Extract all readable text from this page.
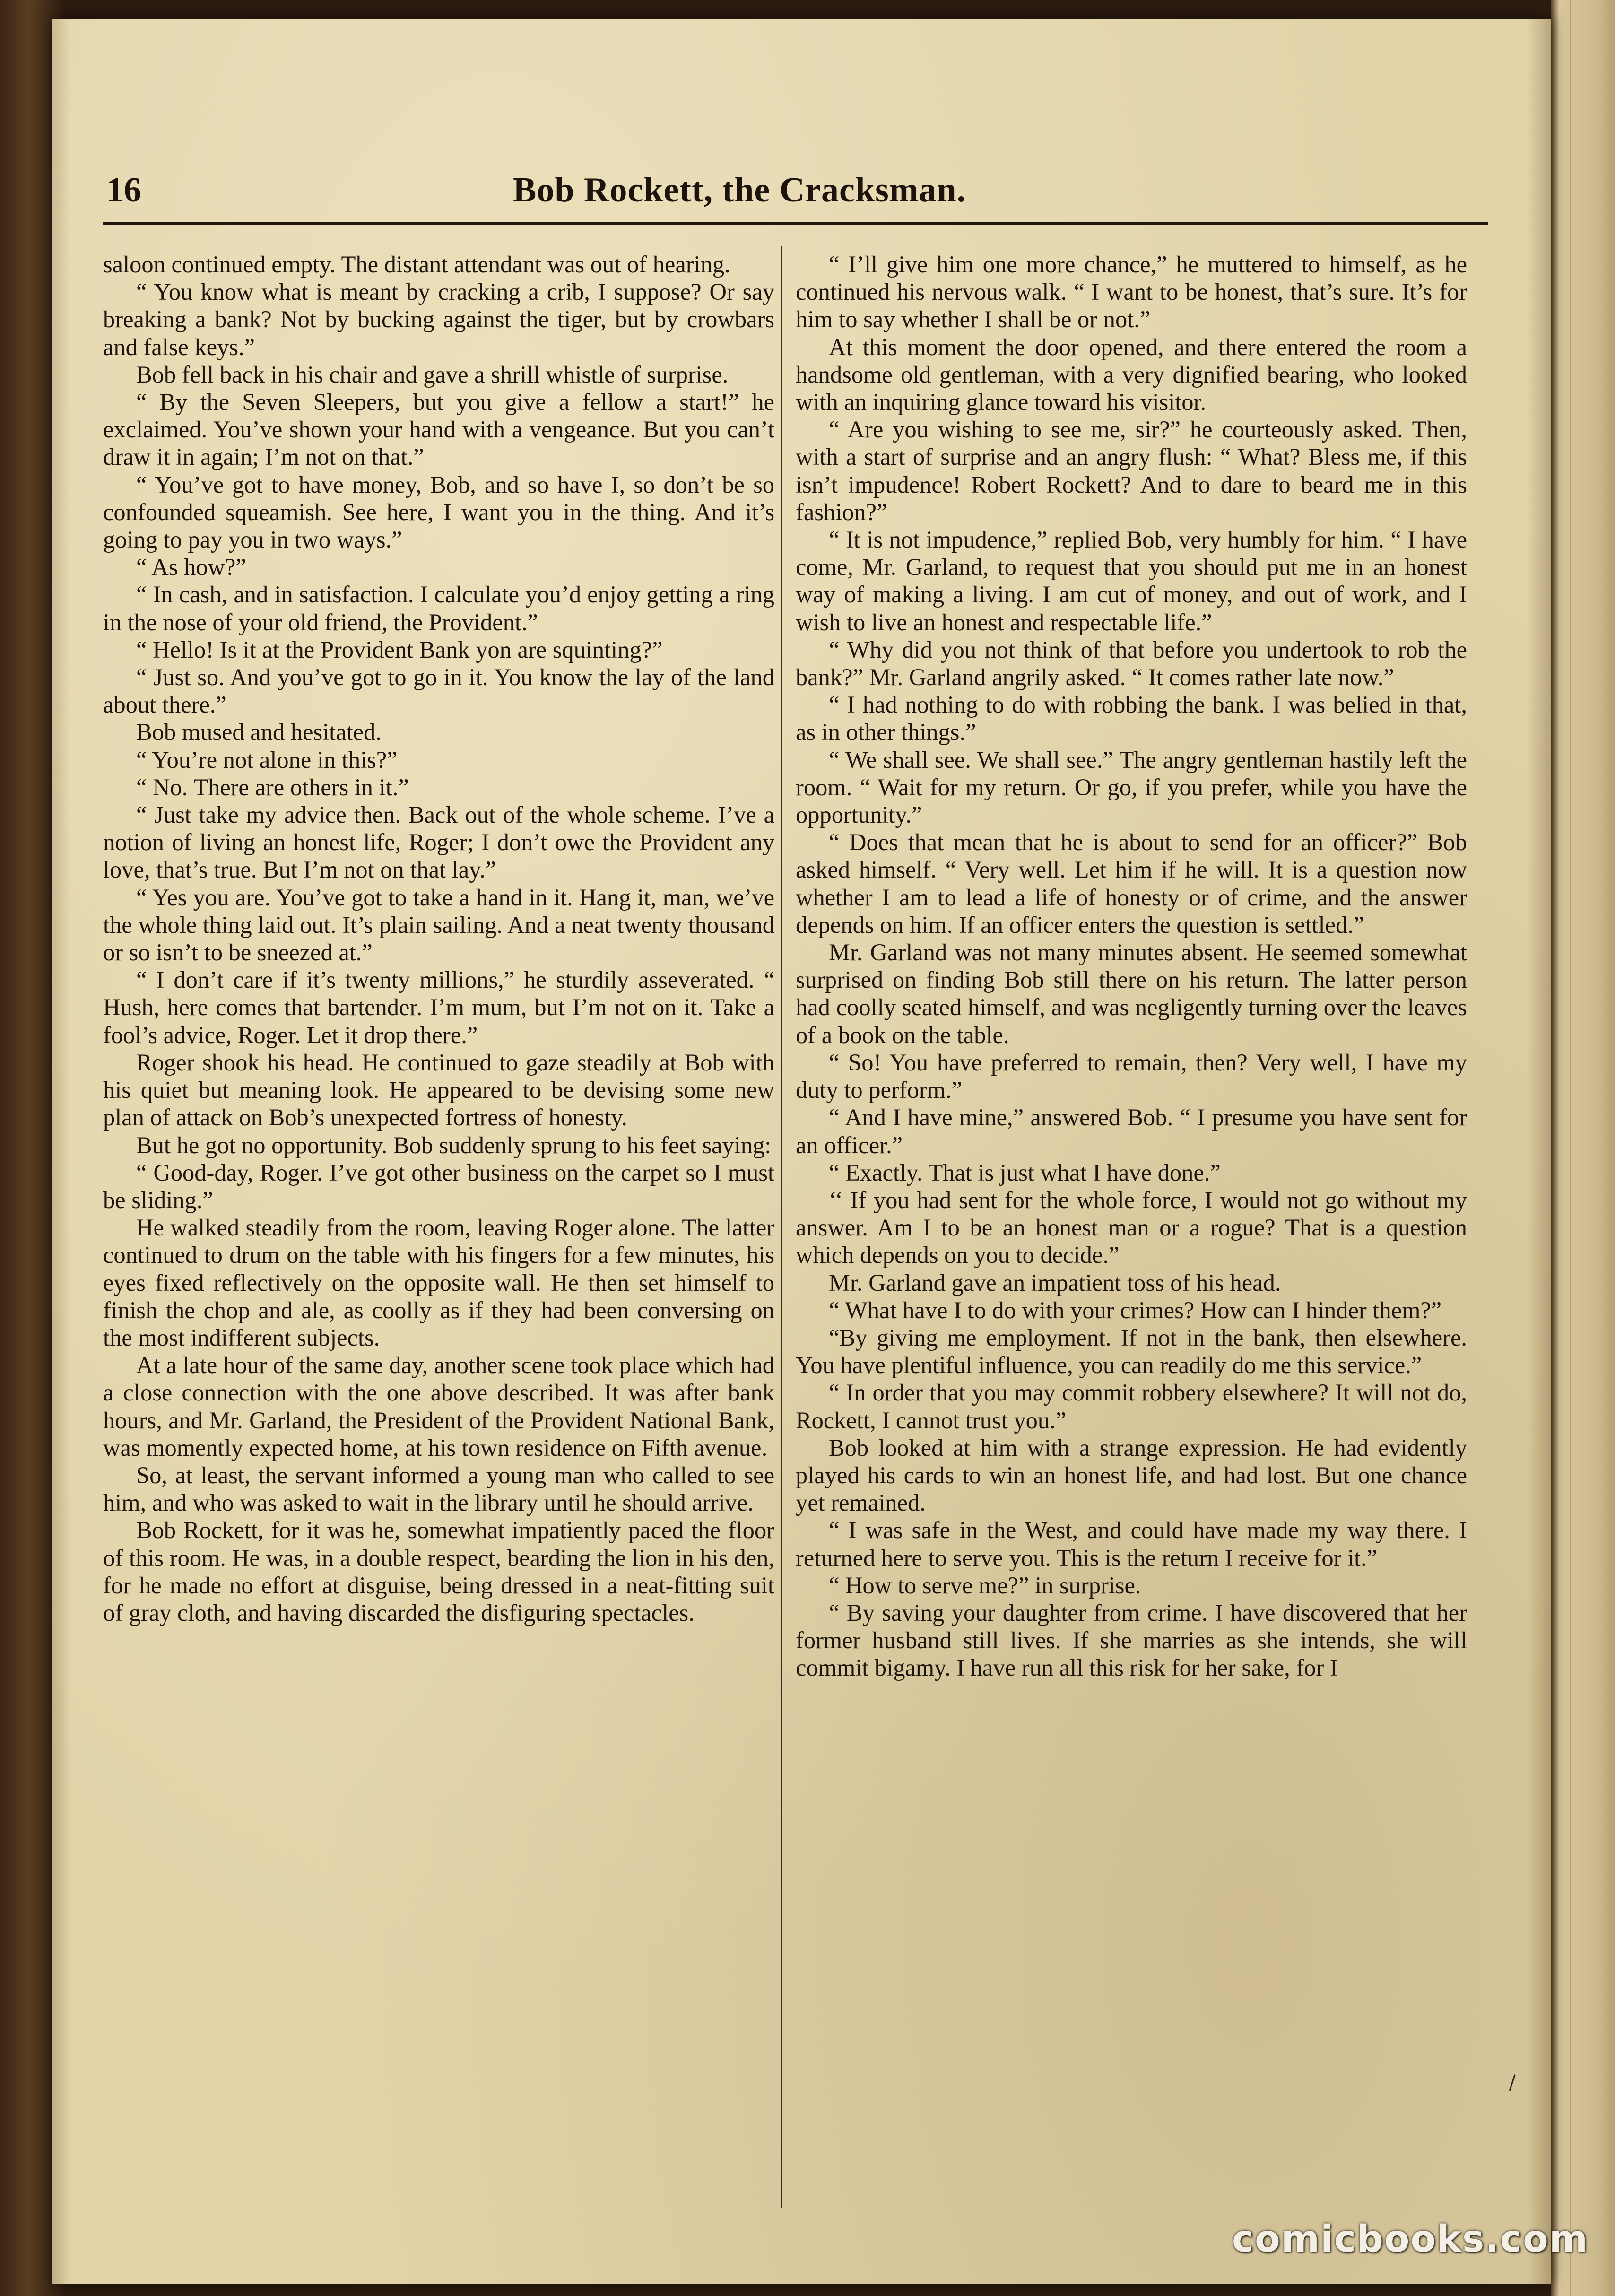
16	Bob Rockett, the Cracksman.

saloon continued empty. The distant attendant was out of hearing.

“ You know what is meant by cracking a crib, I suppose? Or say breaking a bank? Not by bucking against the tiger, but by crowbars and false keys.”

Bob fell back in his chair and gave a shrill whistle of surprise.

“ By the Seven Sleepers, but you give a fellow a start!” he exclaimed. You’ve shown your hand with a vengeance. But you can’t draw it in again; I’m not on that.”

“ You’ve got to have money, Bob, and so have I, so don’t be so confounded squeamish. See here, I want you in the thing. And it’s going to pay you in two ways.”

“ As how?”

“ In cash, and in satisfaction. I calculate you’d enjoy getting a ring in the nose of your old friend, the Provident.”

“ Hello! Is it at the Provident Bank yon are squinting?”

“ Just so. And you’ve got to go in it. You know the lay of the land about there.”

Bob mused and hesitated.

“ You’re not alone in this?”

“ No. There are others in it.”

“ Just take my advice then. Back out of the whole scheme. I’ve a notion of living an honest life, Roger; I don’t owe the Provident any love, that’s true. But I’m not on that lay.”

“ Yes you are. You’ve got to take a hand in it. Hang it, man, we’ve the whole thing laid out. It’s plain sailing. And a neat twenty thousand or so isn’t to be sneezed at.”

“ I don’t care if it’s twenty millions,” he sturdily asseverated. “ Hush, here comes that bartender. I’m mum, but I’m not on it. Take a fool’s advice, Roger. Let it drop there.”

Roger shook his head. He continued to gaze steadily at Bob with his quiet but meaning look. He appeared to be devising some new plan of attack on Bob’s unexpected fortress of honesty.

But he got no opportunity. Bob suddenly sprung to his feet saying:

“ Good-day, Roger. I’ve got other business on the carpet so I must be sliding.”

He walked steadily from the room, leaving Roger alone. The latter continued to drum on the table with his fingers for a few minutes, his eyes fixed reflectively on the opposite wall. He then set himself to finish the chop and ale, as coolly as if they had been conversing on the most indifferent subjects.

At a late hour of the same day, another scene took place which had a close connection with the one above described. It was after bank hours, and Mr. Garland, the President of the Provident National Bank, was momently expected home, at his town residence on Fifth avenue.

So, at least, the servant informed a young man who called to see him, and who was asked to wait in the library until he should arrive.

Bob Rockett, for it was he, somewhat impatiently paced the floor of this room. He was, in a double respect, bearding the lion in his den, for he made no effort at disguise, being dressed in a neat-fitting suit of gray cloth, and having discarded the disfiguring spectacles.

“ I’ll give him one more chance,” he muttered to himself, as he continued his nervous walk. “ I want to be honest, that’s sure. It’s for him to say whether I shall be or not.”

At this moment the door opened, and there entered the room a handsome old gentleman, with a very dignified bearing, who looked with an inquiring glance toward his visitor.

“ Are you wishing to see me, sir?” he courteously asked. Then, with a start of surprise and an angry flush: “ What? Bless me, if this isn’t impudence! Robert Rockett? And to dare to beard me in this fashion?”

“ It is not impudence,” replied Bob, very humbly for him. “ I have come, Mr. Garland, to request that you should put me in an honest way of making a living. I am cut of money, and out of work, and I wish to live an honest and respectable life.”

“ Why did you not think of that before you undertook to rob the bank?” Mr. Garland angrily asked. “ It comes rather late now.”

“ I had nothing to do with robbing the bank. I was belied in that, as in other things.”

“ We shall see. We shall see.” The angry gentleman hastily left the room. “ Wait for my return. Or go, if you prefer, while you have the opportunity.”

“ Does that mean that he is about to send for an officer?” Bob asked himself. “ Very well. Let him if he will. It is a question now whether I am to lead a life of honesty or of crime, and the answer depends on him. If an officer enters the question is settled.”

Mr. Garland was not many minutes absent. He seemed somewhat surprised on finding Bob still there on his return. The latter person had coolly seated himself, and was negligently turning over the leaves of a book on the table.

“ So! You have preferred to remain, then? Very well, I have my duty to perform.”

“ And I have mine,” answered Bob. “ I presume you have sent for an officer.”

“ Exactly. That is just what I have done.”

‘‘ If you had sent for the whole force, I would not go without my answer. Am I to be an honest man or a rogue? That is a question which depends on you to decide.”

Mr. Garland gave an impatient toss of his head.

“ What have I to do with your crimes? How can I hinder them?”

“By giving me employment. If not in the bank, then elsewhere. You have plentiful influence, you can readily do me this service.”

“ In order that you may commit robbery elsewhere? It will not do, Rockett, I cannot trust you.”

Bob looked at him with a strange expression. He had evidently played his cards to win an honest life, and had lost. But one chance yet remained.

“ I was safe in the West, and could have made my way there. I returned here to serve you. This is the return I receive for it.”

“ How to serve me?” in surprise.

“ By saving your daughter from crime. I have discovered that her former husband still lives. If she marries as she intends, she will commit bigamy. I have run all this risk for her sake, for I

comicbooks.com
